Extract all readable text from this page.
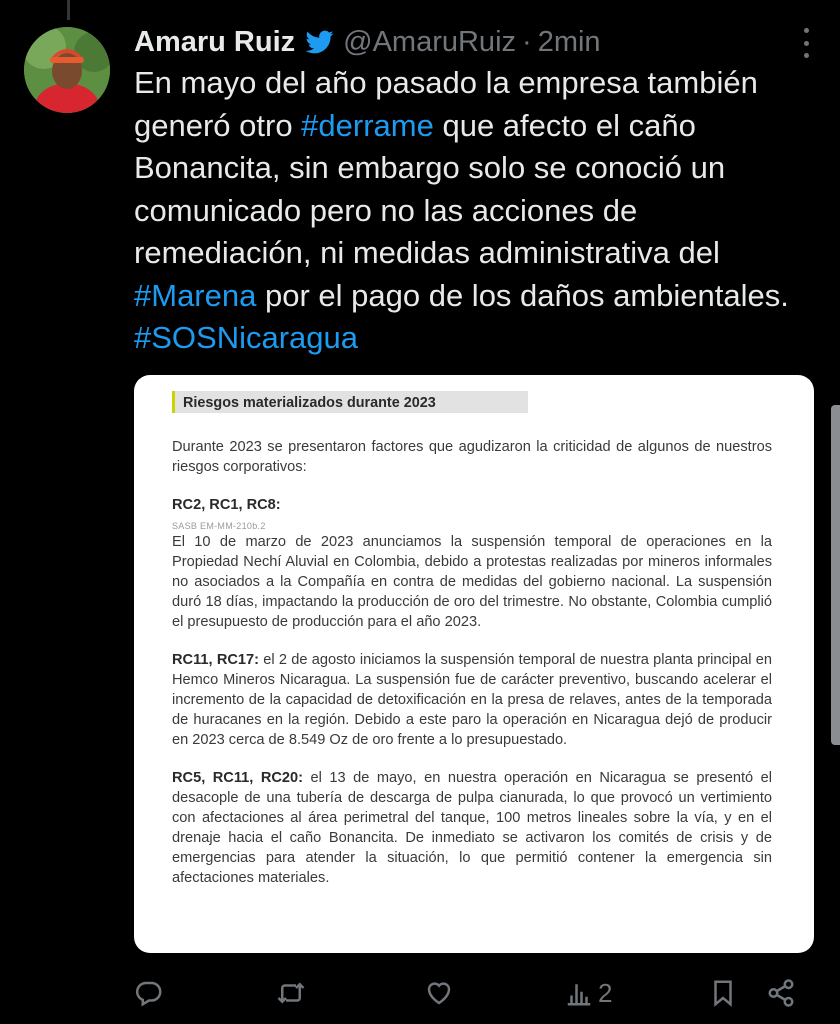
Amaru Ruiz @AmaruRuiz · 2min
En mayo del año pasado la empresa también generó otro #derrame que afecto el caño Bonancita, sin embargo solo se conoció un comunicado pero no las acciones de remediación, ni medidas administrativa del #Marena por el pago de los daños ambientales. #SOSNicaragua
Riesgos materializados durante 2023

Durante 2023 se presentaron factores que agudizaron la criticidad de algunos de nuestros riesgos corporativos:

RC2, RC1, RC8:
SASB EM-MM-210b.2

El 10 de marzo de 2023 anunciamos la suspensión temporal de operaciones en la Propiedad Nechí Aluvial en Colombia, debido a protestas realizadas por mineros informales no asociados a la Compañía en contra de medidas del gobierno nacional. La suspensión duró 18 días, impactando la producción de oro del trimestre. No obstante, Colombia cumplió el presupuesto de producción para el año 2023.

RC11, RC17: el 2 de agosto iniciamos la suspensión temporal de nuestra planta principal en Hemco Mineros Nicaragua. La suspensión fue de carácter preventivo, buscando acelerar el incremento de la capacidad de detoxificación en la presa de relaves, antes de la temporada de huracanes en la región. Debido a este paro la operación en Nicaragua dejó de producir en 2023 cerca de 8.549 Oz de oro frente a lo presupuestado.

RC5, RC11, RC20: el 13 de mayo, en nuestra operación en Nicaragua se presentó el desacople de una tubería de descarga de pulpa cianurada, lo que provocó un vertimiento con afectaciones al área perimetral del tanque, 100 metros lineales sobre la vía, y en el drenaje hacia el caño Bonancita. De inmediato se activaron los comités de crisis y de emergencias para atender la situación, lo que permitió contener la emergencia sin afectaciones materiales.

2
